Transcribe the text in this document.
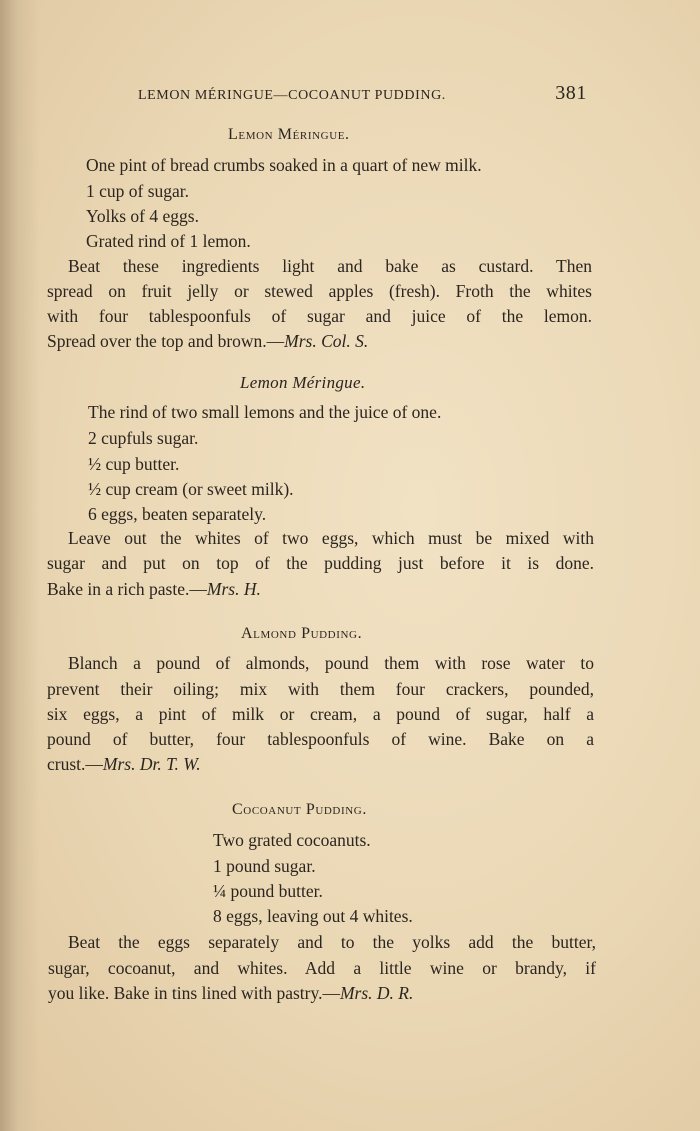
LEMON MÉRINGUE—COCOANUT PUDDING.	381
Lemon Méringue.
One pint of bread crumbs soaked in a quart of new milk.
1 cup of sugar.
Yolks of 4 eggs.
Grated rind of 1 lemon.
Beat these ingredients light and bake as custard. Then
spread on fruit jelly or stewed apples (fresh). Froth the whites
with four tablespoonfuls of sugar and juice of the lemon.
Spread over the top and brown.—Mrs. Col. S.
Lemon Méringue.
The rind of two small lemons and the juice of one.
2 cupfuls sugar.
½ cup butter.
½ cup cream (or sweet milk).
6 eggs, beaten separately.
Leave out the whites of two eggs, which must be mixed with
sugar and put on top of the pudding just before it is done.
Bake in a rich paste.—Mrs. H.
Almond Pudding.
Blanch a pound of almonds, pound them with rose water to
prevent their oiling; mix with them four crackers, pounded,
six eggs, a pint of milk or cream, a pound of sugar, half a
pound of butter, four tablespoonfuls of wine. Bake on a
crust.—Mrs. Dr. T. W.
Cocoanut Pudding.
Two grated cocoanuts.
1 pound sugar.
¼ pound butter.
8 eggs, leaving out 4 whites.
Beat the eggs separately and to the yolks add the butter,
sugar, cocoanut, and whites. Add a little wine or brandy, if
you like. Bake in tins lined with pastry.—Mrs. D. R.
